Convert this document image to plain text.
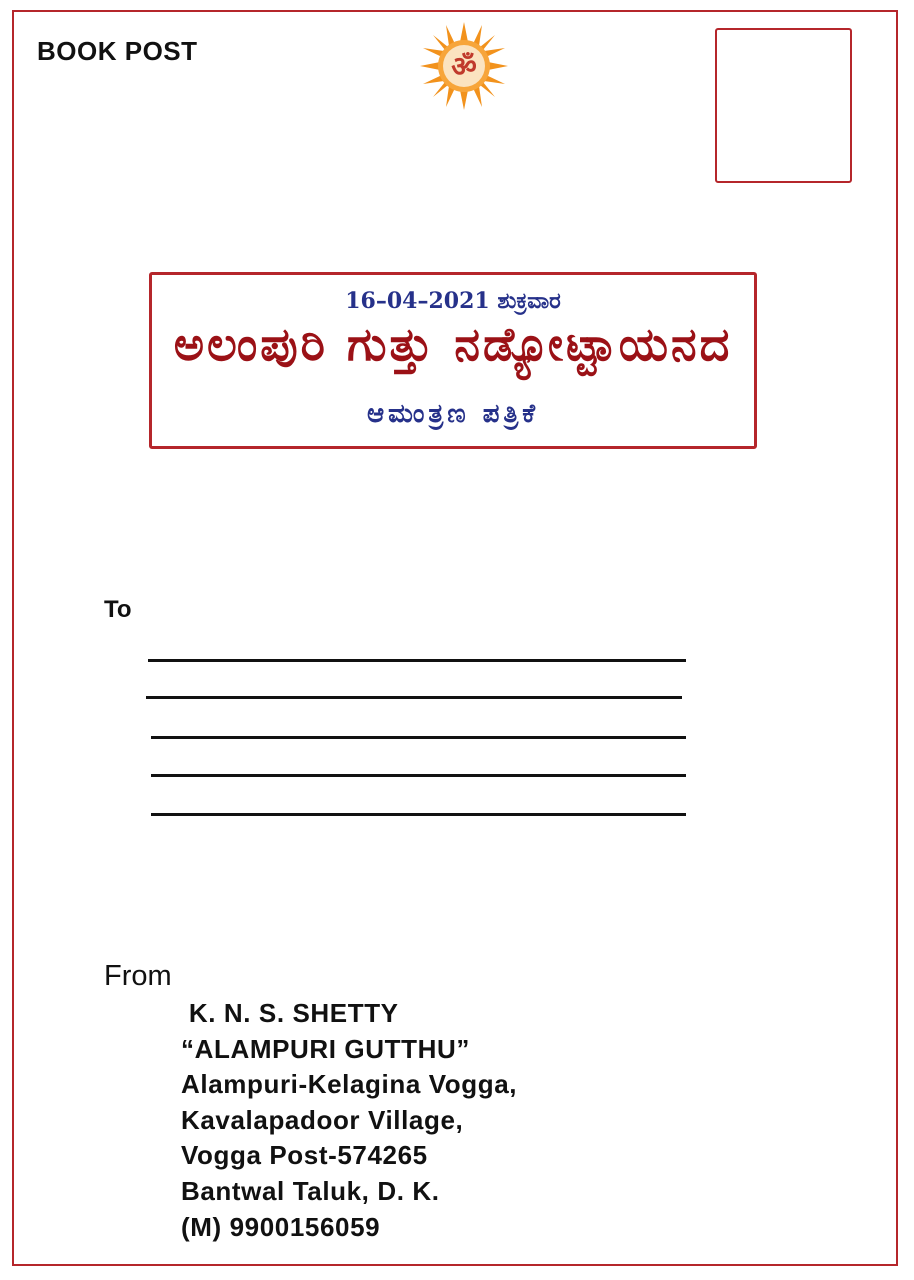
BOOK POST	ॐ
16–04–2021 ಶುಕ್ರವಾರ
ಅಲಂಪುರಿ ಗುತ್ತು ನಡ್ಯೋಟ್ಟಾಯನದ
ಆಮಂತ್ರಣ ಪತ್ರಿಕೆ
To
From
K. N. S. SHETTY
“ALAMPURI GUTTHU”
Alampuri-Kelagina Vogga,
Kavalapadoor Village,
Vogga Post-574265
Bantwal Taluk, D. K.
(M) 9900156059
